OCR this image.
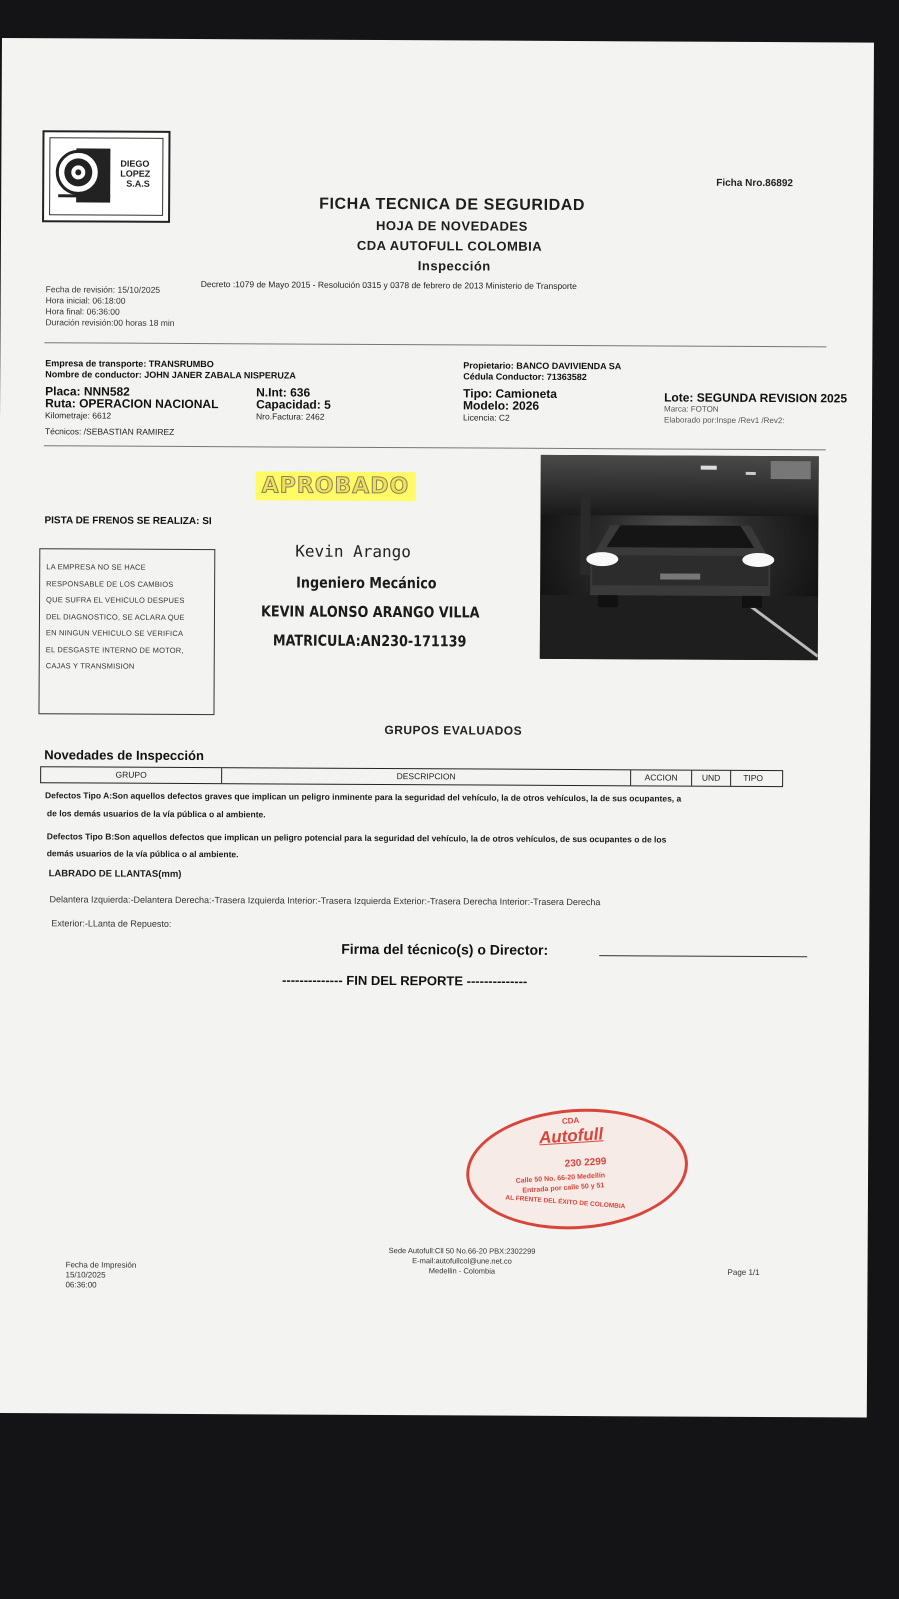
DIEGO
LOPEZ
S.A.S	Ficha Nro.86892
FICHA TECNICA DE SEGURIDAD
HOJA DE NOVEDADES
CDA AUTOFULL COLOMBIA
Inspección
Decreto :1079 de Mayo 2015 - Resolución 0315 y 0378 de febrero de 2013 Ministerio de Transporte
Fecha de revisión: 15/10/2025
Hora inicial: 06:18:00
Hora final: 06:36:00
Duración revisión:00 horas 18 min
Empresa de transporte: TRANSRUMBO
Nombre de conductor: JOHN JANER ZABALA NISPERUZA
Propietario: BANCO DAVIVIENDA SA
Cédula Conductor: 71363582
Placa: NNN582
Ruta: OPERACION NACIONAL
Kilometraje: 6612
Técnicos: /SEBASTIAN RAMIREZ
N.Int: 636
Capacidad: 5
Nro.Factura: 2462
Tipo: Camioneta
Modelo: 2026
Licencia: C2
Lote: SEGUNDA REVISION 2025
Marca: FOTON
Elaborado por:Inspe /Rev1 /Rev2:
APROBADO
PISTA DE FRENOS SE REALIZA: SI
LA EMPRESA NO SE HACE
RESPONSABLE DE LOS CAMBIOS
QUE SUFRA EL VEHICULO DESPUES
DEL DIAGNOSTICO, SE ACLARA QUE
EN NINGUN VEHICULO SE VERIFICA
EL DESGASTE INTERNO DE MOTOR,
CAJAS Y TRANSMISION
Kevin Arango
Ingeniero Mecánico
KEVIN ALONSO ARANGO VILLA
MATRICULA:AN230-171139
GRUPOS EVALUADOS
Novedades de Inspección
GRUPO	DESCRIPCION	ACCION	UND	TIPO
Defectos Tipo A:Son aquellos defectos graves que implican un peligro inminente para la seguridad del vehículo, la de otros vehículos, la de sus ocupantes, a
de los demás usuarios de la vía pública o al ambiente.
Defectos Tipo B:Son aquellos defectos que implican un peligro potencial para la seguridad del vehículo, la de otros vehículos, de sus ocupantes o de los
demás usuarios de la vía pública o al ambiente.
LABRADO DE LLANTAS(mm)
Delantera Izquierda:-Delantera Derecha:-Trasera Izquierda Interior:-Trasera Izquierda Exterior:-Trasera Derecha Interior:-Trasera Derecha
Exterior:-LLanta de Repuesto:
Firma del técnico(s) o Director:
-------------- FIN DEL REPORTE --------------
Fecha de Impresión
15/10/2025
06:36:00
Sede Autofull:Cll 50 No.66-20 PBX:2302299
E-mail:autofullcol@une.net.co
Medellin - Colombia	Page 1/1
CDA
Autofull
230 2299
Calle 50 No. 66-20 Medellín
Entrada por calle 50 y 51
AL FRENTE DEL ÉXITO DE COLOMBIA
